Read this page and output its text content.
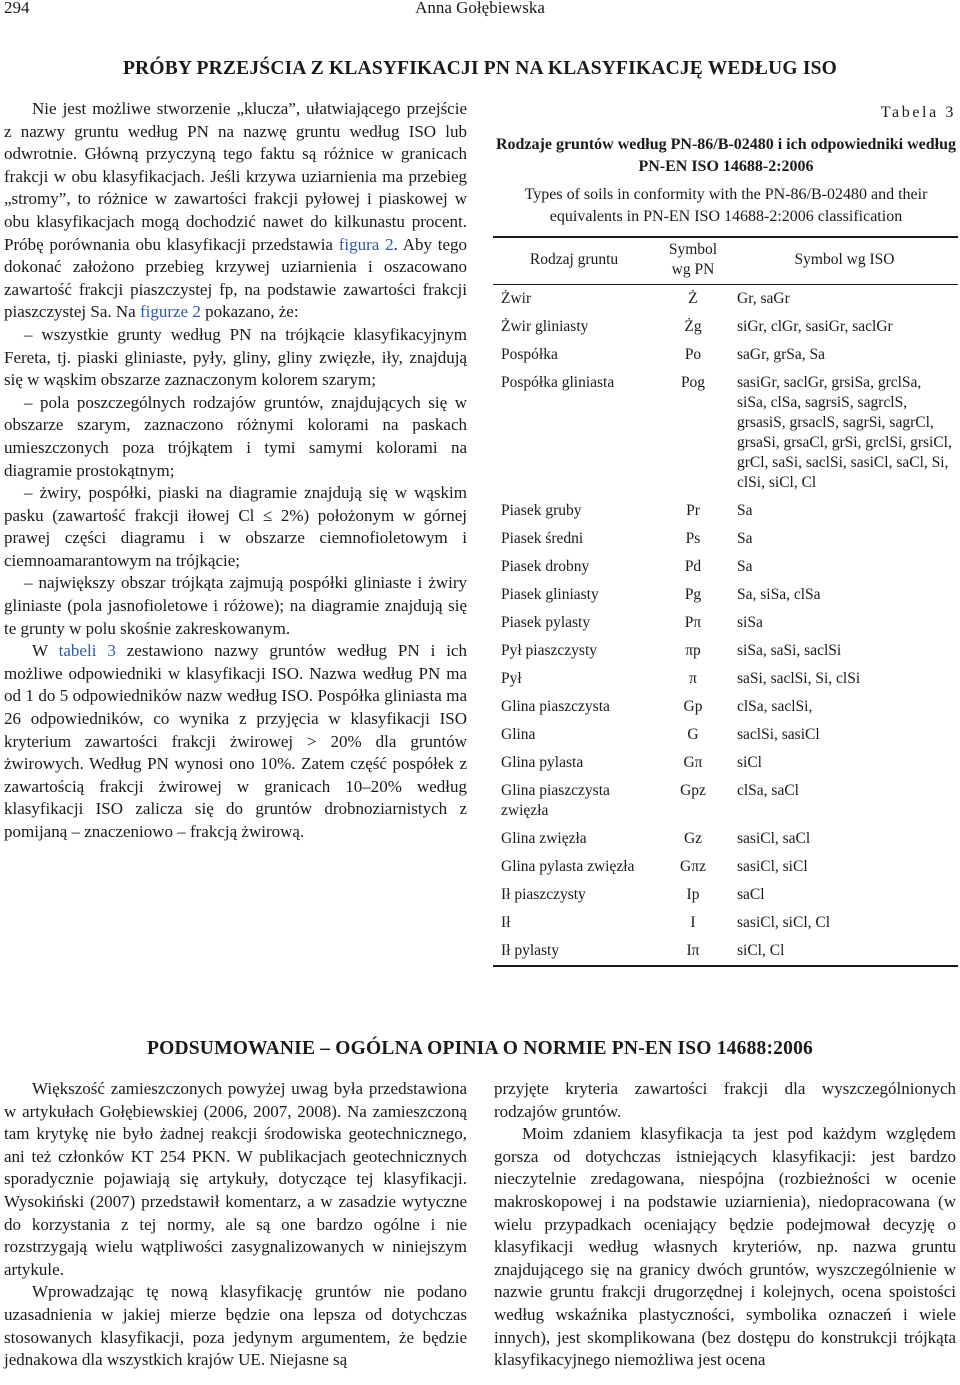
294	Anna Gołębiewska
PRÓBY PRZEJŚCIA Z KLASYFIKACJI PN NA KLASYFIKACJĘ WEDŁUG ISO

Nie jest możliwe stworzenie „klucza”, ułatwiającego przejście z nazwy gruntu według PN na nazwę gruntu według ISO lub odwrotnie. Główną przyczyną tego faktu są różnice w granicach frakcji w obu klasyfikacjach. Jeśli krzywa uziarnienia ma przebieg „stromy”, to różnice w zawartości frakcji pyłowej i piaskowej w obu klasyfikacjach mogą dochodzić nawet do kilkunastu procent. Próbę porównania obu klasyfikacji przedstawia figura 2. Aby tego dokonać założono przebieg krzywej uziarnienia i oszacowano zawartość frakcji piaszczystej fp, na podstawie zawartości frakcji piaszczystej Sa. Na figurze 2 pokazano, że:

– wszystkie grunty według PN na trójkącie klasyfikacyjnym Fereta, tj. piaski gliniaste, pyły, gliny, gliny zwięzłe, iły, znajdują się w wąskim obszarze zaznaczonym kolorem szarym;

– pola poszczególnych rodzajów gruntów, znajdujących się w obszarze szarym, zaznaczono różnymi kolorami na paskach umieszczonych poza trójkątem i tymi samymi kolorami na diagramie prostokątnym;

– żwiry, pospółki, piaski na diagramie znajdują się w wąskim pasku (zawartość frakcji iłowej Cl ≤ 2%) położonym w górnej prawej części diagramu i w obszarze ciemnofioletowym i ciemnoamarantowym na trójkącie;

– największy obszar trójkąta zajmują pospółki gliniaste i żwiry gliniaste (pola jasnofioletowe i różowe); na diagramie znajdują się te grunty w polu skośnie zakreskowanym.

W tabeli 3 zestawiono nazwy gruntów według PN i ich możliwe odpowiedniki w klasyfikacji ISO. Nazwa według PN ma od 1 do 5 odpowiedników nazw według ISO. Pospółka gliniasta ma 26 odpowiedników, co wynika z przyjęcia w klasyfikacji ISO kryterium zawartości frakcji żwirowej > 20% dla gruntów żwirowych. Według PN wynosi ono 10%. Zatem część pospółek z zawartością frakcji żwirowej w granicach 10–20% według klasyfikacji ISO zalicza się do gruntów drobnoziarnistych z pomijaną – znaczeniowo – frakcją żwirową.

Tabela 3
Rodzaje gruntów według PN-86/B-02480 i ich odpowiedniki według PN-EN ISO 14688-2:2006
Types of soils in conformity with the PN-86/B-02480 and their equivalents in PN-EN ISO 14688-2:2006 classification
Rodzaj gruntu	Symbol wg PN	Symbol wg ISO
Żwir	Ż	Gr, saGr
Żwir gliniasty	Żg	siGr, clGr, sasiGr, saclGr
Pospółka	Po	saGr, grSa, Sa
Pospółka gliniasta	Pog	sasiGr, saclGr, grsiSa, grclSa, siSa, clSa, sagrsiS, sagrclS, grsasiS, grsaclS, sagrSi, sagrCl, grsaSi, grsaCl, grSi, grclSi, grsiCl, grCl, saSi, saclSi, sasiCl, saCl, Si, clSi, siCl, Cl
Piasek gruby	Pr	Sa
Piasek średni	Ps	Sa
Piasek drobny	Pd	Sa
Piasek gliniasty	Pg	Sa, siSa, clSa
Piasek pylasty	Pπ	siSa
Pył piaszczysty	πp	siSa, saSi, saclSi
Pył	π	saSi, saclSi, Si, clSi
Glina piaszczysta	Gp	clSa, saclSi,
Glina	G	saclSi, sasiCl
Glina pylasta	Gπ	siCl
Glina piaszczysta zwięzła	Gpz	clSa, saCl
Glina zwięzła	Gz	sasiCl, saCl
Glina pylasta zwięzła	Gπz	sasiCl, siCl
Ił piaszczysty	Ip	saCl
Ił	I	sasiCl, siCl, Cl
Ił pylasty	Iπ	siCl, Cl
PODSUMOWANIE – OGÓLNA OPINIA O NORMIE PN-EN ISO 14688:2006

Większość zamieszczonych powyżej uwag była przedstawiona w artykułach Gołębiewskiej (2006, 2007, 2008). Na zamieszczoną tam krytykę nie było żadnej reakcji środowiska geotechnicznego, ani też członków KT 254 PKN. W publikacjach geotechnicznych sporadycznie pojawiają się artykuły, dotyczące tej klasyfikacji. Wysokiński (2007) przedstawił komentarz, a w zasadzie wytyczne do korzystania z tej normy, ale są one bardzo ogólne i nie rozstrzygają wielu wątpliwości zasygnalizowanych w niniejszym artykule.

Wprowadzając tę nową klasyfikację gruntów nie podano uzasadnienia w jakiej mierze będzie ona lepsza od dotychczas stosowanych klasyfikacji, poza jedynym argumentem, że będzie jednakowa dla wszystkich krajów UE. Niejasne są

przyjęte kryteria zawartości frakcji dla wyszczególnionych rodzajów gruntów.

Moim zdaniem klasyfikacja ta jest pod każdym względem gorsza od dotychczas istniejących klasyfikacji: jest bardzo nieczytelnie zredagowana, niespójna (rozbieżności w ocenie makroskopowej i na podstawie uziarnienia), niedopracowana (w wielu przypadkach oceniający będzie podejmował decyzję o klasyfikacji według własnych kryteriów, np. nazwa gruntu znajdującego się na granicy dwóch gruntów, wyszczególnienie w nazwie gruntu frakcji drugorzędnej i kolejnych, ocena spoistości według wskaźnika plastyczności, symbolika oznaczeń i wiele innych), jest skomplikowana (bez dostępu do konstrukcji trójkąta klasyfikacyjnego niemożliwa jest ocena
